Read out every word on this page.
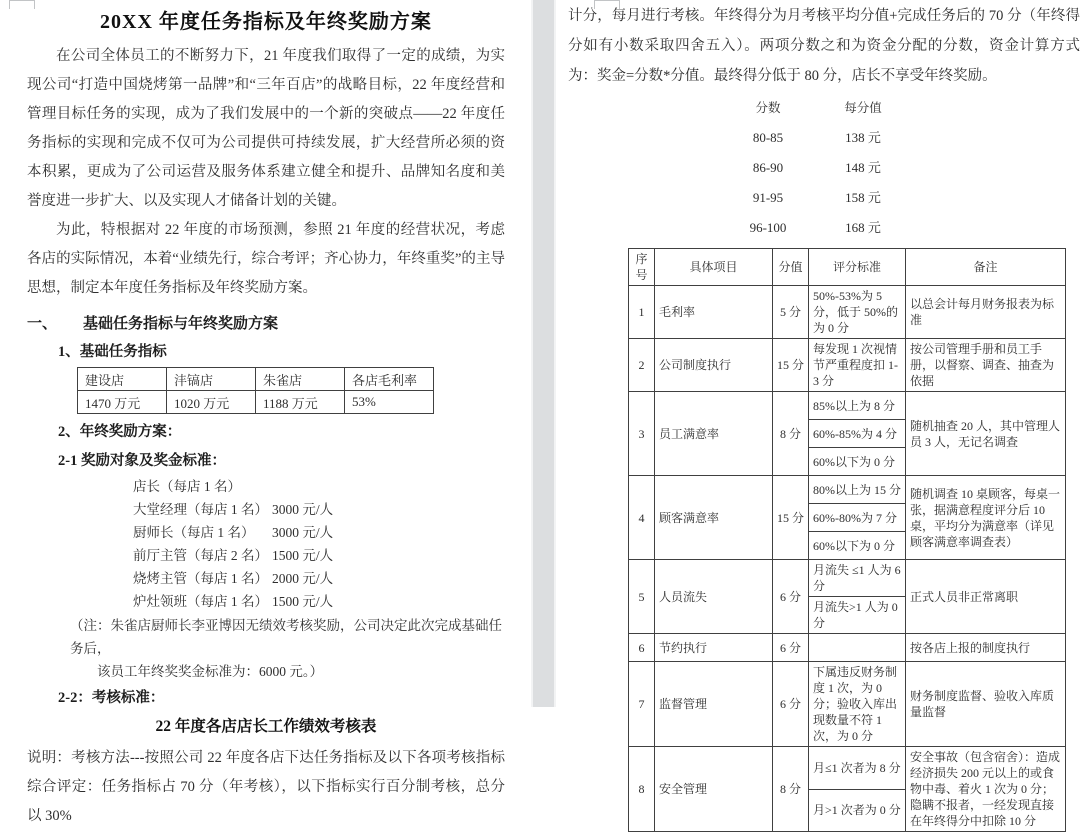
20XX 年度任务指标及年终奖励方案

在公司全体员工的不断努力下，21 年度我们取得了一定的成绩，为实现公司“打造中国烧烤第一品牌”和“三年百店”的战略目标，22 年度经营和管理目标任务的实现，成为了我们发展中的一个新的突破点——22 年度任务指标的实现和完成不仅可为公司提供可持续发展，扩大经营所必须的资本积累，更成为了公司运营及服务体系建立健全和提升、品牌知名度和美誉度进一步扩大、以及实现人才储备计划的关键。

为此，特根据对 22 年度的市场预测，参照 21 年度的经营状况，考虑各店的实际情况，本着“业绩先行，综合考评；齐心协力，年终重奖”的主导思想，制定本年度任务指标及年终奖励方案。

一、 基础任务指标与年终奖励方案
1、基础任务指标
建设店	沣镐店	朱雀店	各店毛利率
1470 万元	1020 万元	1188 万元	53%
2、年终奖励方案：
2-1 奖励对象及奖金标准：
店长（每店 1 名）
大堂经理（每店 1 名） 3000 元/人
厨师长（每店 1 名）	3000 元/人
前厅主管（每店 2 名） 1500 元/人
烧烤主管（每店 1 名） 2000 元/人
炉灶领班（每店 1 名） 1500 元/人
（注：朱雀店厨师长李亚博因无绩效考核奖励，公司决定此次完成基础任务后，
该员工年终奖奖金标准为：6000 元。）
2-2：考核标准：
22 年度各店店长工作绩效考核表

说明：考核方法---按照公司 22 年度各店下达任务指标及以下各项考核指标综合评定：任务指标占 70 分（年考核），以下指标实行百分制考核，总分以 30%

计分，每月进行考核。年终得分为月考核平均分值+完成任务后的 70 分（年终得分如有小数采取四舍五入）。两项分数之和为资金分配的分数，资金计算方式为：奖金=分数*分值。最终得分低于 80 分，店长不享受年终奖励。

分数	每分值
80-85	138 元
86-90	148 元
91-95	158 元
96-100	168 元
序号	具体项目	分值	评分标准	备注
1	毛利率	5 分	50%-53%为 5 分，低于 50%的为 0 分	以总会计每月财务报表为标准
2	公司制度执行	15 分	每发现 1 次视情节严重程度扣 1-3 分	按公司管理手册和员工手册，以督察、调查、抽查为依据
3	员工满意率	8 分	85%以上为 8 分	随机抽查 20 人，其中管理人员 3 人，无记名调查
			60%-85%为 4 分	
			60%以下为 0 分	
4	顾客满意率	15 分	80%以上为 15 分	随机调查 10 桌顾客，每桌一张，据满意程度评分后 10 桌，平均分为满意率（详见顾客满意率调查表）
			60%-80%为 7 分	
			60%以下为 0 分	
5	人员流失	6 分	月流失 ≤1 人为 6 分	正式人员非正常离职
			月流失>1 人为 0 分	
6	节约执行	6 分		按各店上报的制度执行
7	监督管理	6 分	下属违反财务制度 1 次，为 0 分；验收入库出现数量不符 1 次，为 0 分	财务制度监督、验收入库质量监督
8	安全管理	8 分	月≤1 次者为 8 分	安全事故（包含宿舍）：造成经济损失 200 元以上的或食物中毒、着火 1 次为 0 分；隐瞒不报者，一经发现直接在年终得分中扣除 10 分
			月>1 次者为 0 分	
